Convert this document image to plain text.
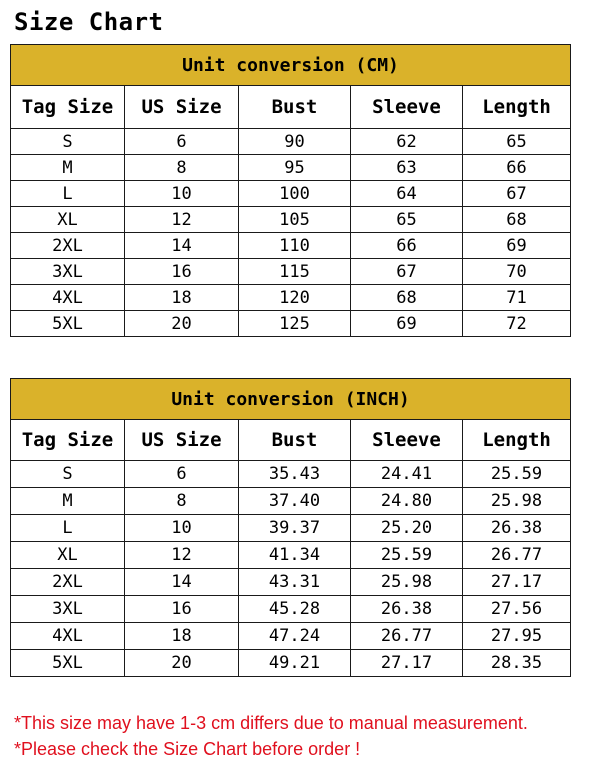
Size Chart
Unit conversion (CM)				
Tag Size	US Size	Bust	Sleeve	Length
S	6	90	62	65
M	8	95	63	66
L	10	100	64	67
XL	12	105	65	68
2XL	14	110	66	69
3XL	16	115	67	70
4XL	18	120	68	71
5XL	20	125	69	72
Unit conversion (INCH)				
Tag Size	US Size	Bust	Sleeve	Length
S	6	35.43	24.41	25.59
M	8	37.40	24.80	25.98
L	10	39.37	25.20	26.38
XL	12	41.34	25.59	26.77
2XL	14	43.31	25.98	27.17
3XL	16	45.28	26.38	27.56
4XL	18	47.24	26.77	27.95
5XL	20	49.21	27.17	28.35
*This size may have 1-3 cm differs due to manual measurement.
*Please check the Size Chart before order !
